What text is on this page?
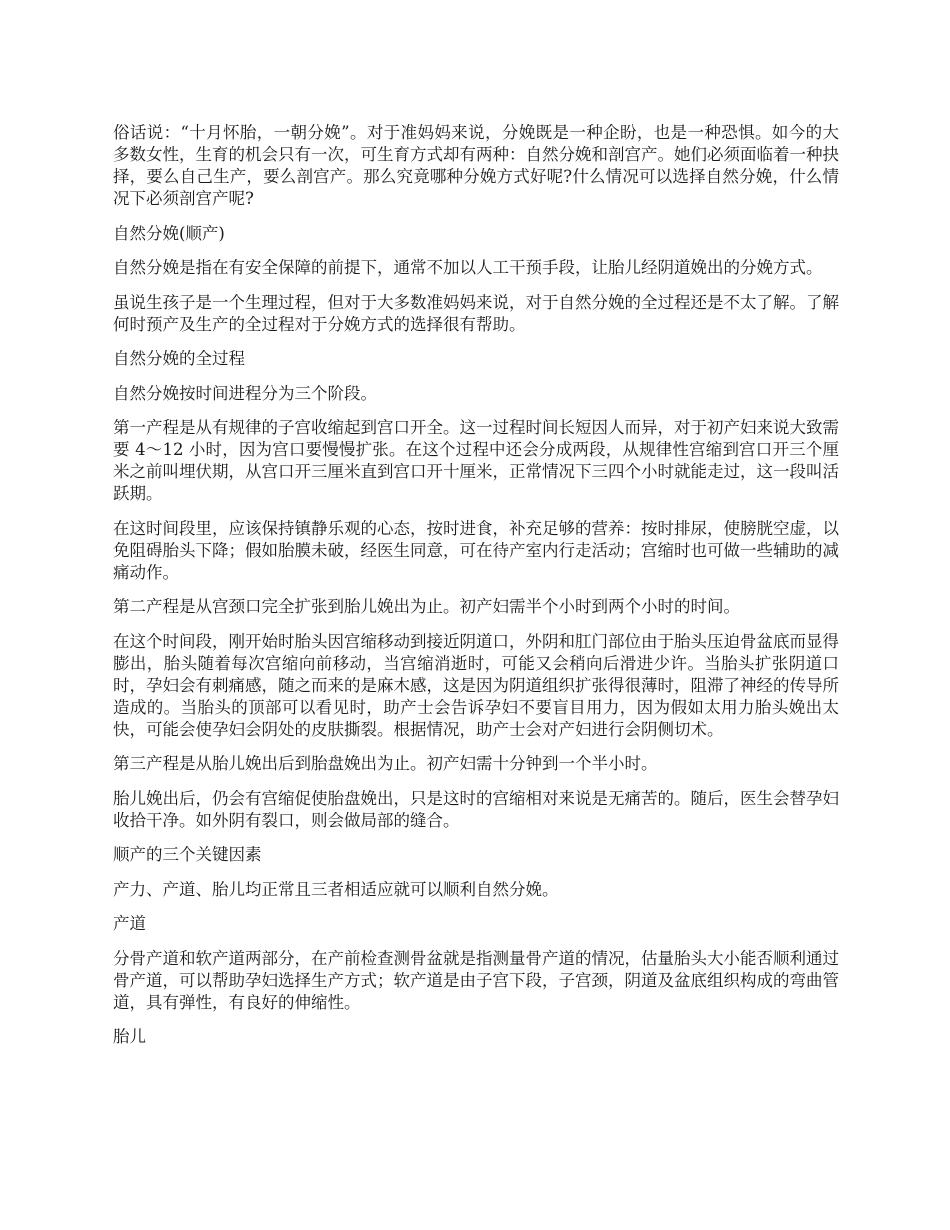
俗话说：“十月怀胎，一朝分娩”。对于准妈妈来说，分娩既是一种企盼，也是一种恐惧。如今的大多数女性，生育的机会只有一次，可生育方式却有两种：自然分娩和剖宫产。她们必须面临着一种抉择，要么自己生产，要么剖宫产。那么究竟哪种分娩方式好呢?什么情况可以选择自然分娩，什么情况下必须剖宫产呢?

自然分娩(顺产)

自然分娩是指在有安全保障的前提下，通常不加以人工干预手段，让胎儿经阴道娩出的分娩方式。

虽说生孩子是一个生理过程，但对于大多数准妈妈来说，对于自然分娩的全过程还是不太了解。了解何时预产及生产的全过程对于分娩方式的选择很有帮助。

自然分娩的全过程

自然分娩按时间进程分为三个阶段。

第一产程是从有规律的子宫收缩起到宫口开全。这一过程时间长短因人而异，对于初产妇来说大致需要 4～12 小时，因为宫口要慢慢扩张。在这个过程中还会分成两段，从规律性宫缩到宫口开三个厘米之前叫埋伏期，从宫口开三厘米直到宫口开十厘米，正常情况下三四个小时就能走过，这一段叫活跃期。

在这时间段里，应该保持镇静乐观的心态，按时进食，补充足够的营养：按时排尿，使膀胱空虚，以免阻碍胎头下降；假如胎膜未破，经医生同意，可在待产室内行走活动；宫缩时也可做一些辅助的减痛动作。

第二产程是从宫颈口完全扩张到胎儿娩出为止。初产妇需半个小时到两个小时的时间。

在这个时间段，刚开始时胎头因宫缩移动到接近阴道口，外阴和肛门部位由于胎头压迫骨盆底而显得膨出，胎头随着每次宫缩向前移动，当宫缩消逝时，可能又会稍向后滑进少许。当胎头扩张阴道口时，孕妇会有刺痛感，随之而来的是麻木感，这是因为阴道组织扩张得很薄时，阻滞了神经的传导所造成的。当胎头的顶部可以看见时，助产士会告诉孕妇不要盲目用力，因为假如太用力胎头娩出太快，可能会使孕妇会阴处的皮肤撕裂。根据情况，助产士会对产妇进行会阴侧切术。

第三产程是从胎儿娩出后到胎盘娩出为止。初产妇需十分钟到一个半小时。

胎儿娩出后，仍会有宫缩促使胎盘娩出，只是这时的宫缩相对来说是无痛苦的。随后，医生会替孕妇收拾干净。如外阴有裂口，则会做局部的缝合。

顺产的三个关键因素

产力、产道、胎儿均正常且三者相适应就可以顺利自然分娩。

产道

分骨产道和软产道两部分，在产前检查测骨盆就是指测量骨产道的情况，估量胎头大小能否顺利通过骨产道，可以帮助孕妇选择生产方式；软产道是由子宫下段，子宫颈，阴道及盆底组织构成的弯曲管道，具有弹性，有良好的伸缩性。

胎儿
